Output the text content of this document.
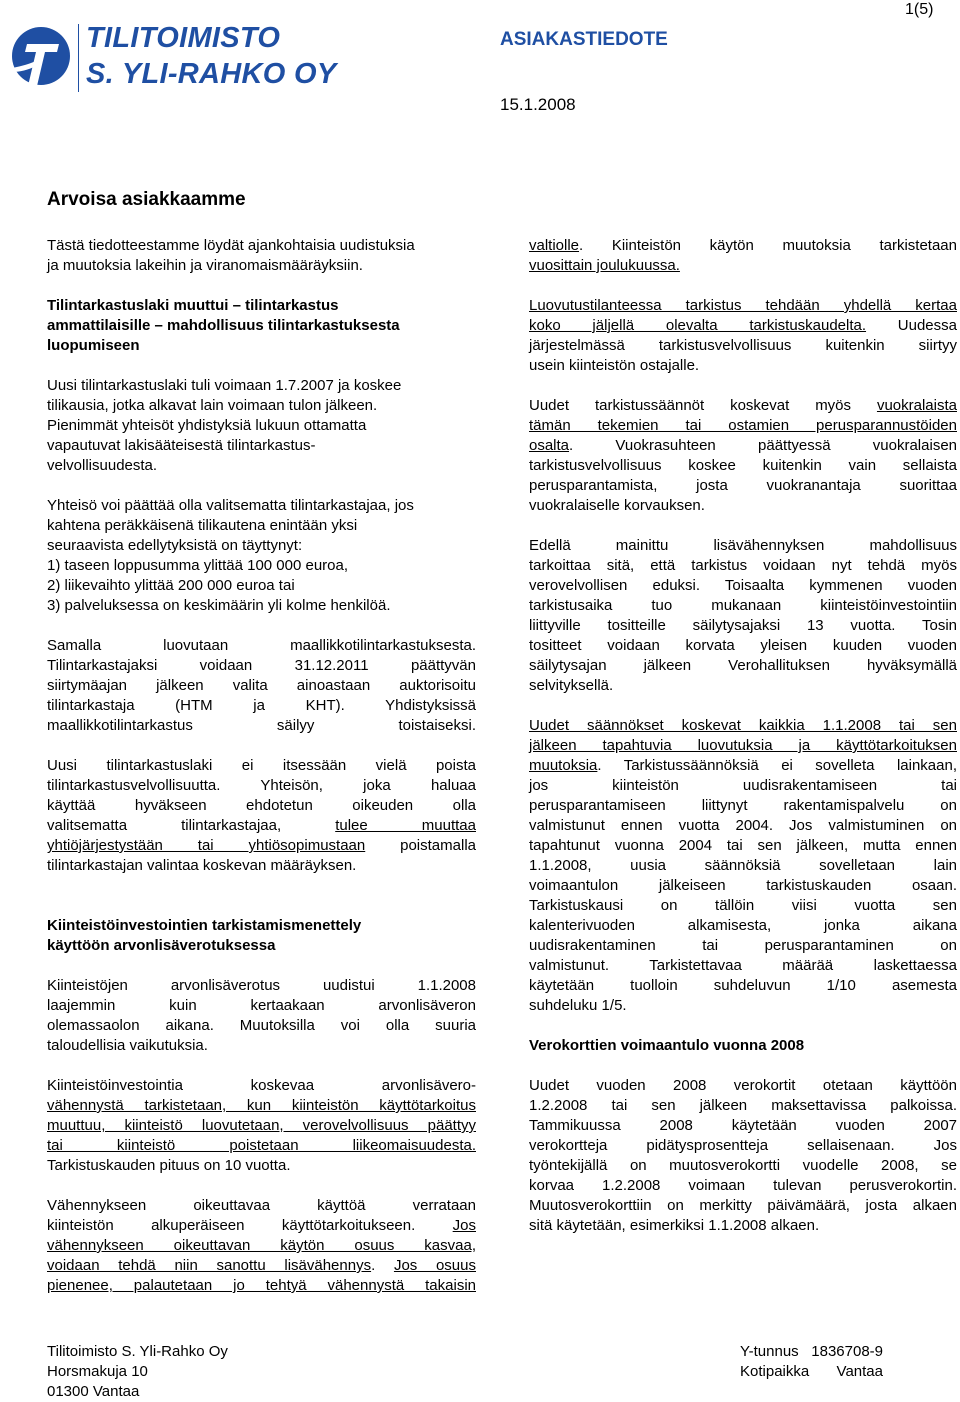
TILITOIMISTO
S. YLI-RAHKO OY
ASIAKASTIEDOTE
1(5)
15.1.2008
Arvoisa asiakkaamme

Tästä tiedotteestamme löydät ajankohtaisia uudistuksia
ja muutoksia lakeihin ja viranomaismääräyksiin.

Tilintarkastuslaki muuttui – tilintarkastus
ammattilaisille – mahdollisuus tilintarkastuksesta
luopumiseen

Uusi tilintarkastuslaki tuli voimaan 1.7.2007 ja koskee
tilikausia, jotka alkavat lain voimaan tulon jälkeen.
Pienimmät yhteisöt yhdistyksiä lukuun ottamatta
vapautuvat lakisääteisestä tilintarkastus-
velvollisuudesta.

Yhteisö voi päättää olla valitsematta tilintarkastajaa, jos
kahtena peräkkäisenä tilikautena enintään yksi
seuraavista edellytyksistä on täyttynyt:
1) taseen loppusumma ylittää 100 000 euroa,
2) liikevaihto ylittää 200 000 euroa tai
3) palveluksessa on keskimäärin yli kolme henkilöä.

Samalla luovutaan maallikkotilintarkastuksesta.
Tilintarkastajaksi voidaan 31.12.2011 päättyvän
siirtymäajan jälkeen valita ainoastaan auktorisoitu
tilintarkastaja (HTM ja KHT). Yhdistyksissä
maallikkotilintarkastus säilyy toistaiseksi.

Uusi tilintarkastuslaki ei itsessään vielä poista
tilintarkastusvelvollisuutta. Yhteisön, joka haluaa
käyttää hyväkseen ehdotetun oikeuden olla
valitsematta tilintarkastajaa,	tulee muuttaa
yhtiöjärjestystään tai yhtiösopimustaan poistamalla
tilintarkastajan valintaa koskevan määräyksen.

Kiinteistöinvestointien tarkistamismenettely
käyttöön arvonlisäverotuksessa

Kiinteistöjen arvonlisäverotus uudistui 1.1.2008
laajemmin kuin kertaakaan arvonlisäveron
olemassaolon aikana. Muutoksilla voi olla suuria
taloudellisia vaikutuksia.

Kiinteistöinvestointia koskevaa arvonlisävero-
vähennystä tarkistetaan, kun kiinteistön käyttötarkoitus
muuttuu, kiinteistö luovutetaan, verovelvollisuus päättyy
tai kiinteistö poistetaan liikeomaisuudesta.
Tarkistuskauden pituus on 10 vuotta.

Vähennykseen oikeuttavaa käyttöä verrataan
kiinteistön alkuperäiseen käyttötarkoitukseen. Jos
vähennykseen oikeuttavan käytön osuus kasvaa,
voidaan tehdä niin sanottu lisävähennys. Jos osuus
pienenee, palautetaan jo tehtyä vähennystä takaisin

valtiolle. Kiinteistön käytön muutoksia tarkistetaan
vuosittain joulukuussa.

Luovutustilanteessa tarkistus tehdään yhdellä kertaa
koko jäljellä olevalta tarkistuskaudelta. Uudessa
järjestelmässä tarkistusvelvollisuus kuitenkin siirtyy
usein kiinteistön ostajalle.

Uudet tarkistussäännöt koskevat myös vuokralaista
tämän tekemien tai ostamien perusparannustöiden
osalta. Vuokrasuhteen päättyessä vuokralaisen
tarkistusvelvollisuus koskee kuitenkin vain sellaista
perusparantamista, josta vuokranantaja suorittaa
vuokralaiselle korvauksen.

Edellä mainittu lisävähennyksen mahdollisuus
tarkoittaa sitä, että tarkistus voidaan nyt tehdä myös
verovelvollisen eduksi. Toisaalta kymmenen vuoden
tarkistusaika tuo mukanaan kiinteistöinvestointiin
liittyville tositteille säilytysajaksi 13 vuotta. Tosin
tositteet voidaan korvata yleisen kuuden vuoden
säilytysajan jälkeen Verohallituksen hyväksymällä
selvityksellä.

Uudet säännökset koskevat kaikkia 1.1.2008 tai sen
jälkeen tapahtuvia luovutuksia ja käyttötarkoituksen
muutoksia. Tarkistussäännöksiä ei sovelleta lainkaan,
jos kiinteistön uudisrakentamiseen tai
perusparantamiseen liittynyt rakentamispalvelu on
valmistunut ennen vuotta 2004. Jos valmistuminen on
tapahtunut vuonna 2004 tai sen jälkeen, mutta ennen
1.1.2008, uusia säännöksiä sovelletaan lain
voimaantulon jälkeiseen tarkistuskauden osaan.
Tarkistuskausi on tällöin viisi vuotta sen
kalenterivuoden alkamisesta, jonka aikana
uudisrakentaminen tai perusparantaminen on
valmistunut. Tarkistettavaa määrää laskettaessa
käytetään tuolloin suhdeluvun 1/10 asemesta
suhdeluku 1/5.

Verokorttien voimaantulo vuonna 2008

Uudet vuoden 2008 verokortit otetaan käyttöön
1.2.2008 tai sen jälkeen maksettavissa palkoissa.
Tammikuussa 2008 käytetään vuoden 2007
verokortteja pidätysprosentteja sellaisenaan. Jos
työntekijällä on muutosverokortti vuodelle 2008, se
korvaa 1.2.2008 voimaan tulevan perusverokortin.
Muutosverokorttiin on merkitty päivämäärä, josta alkaen
sitä käytetään, esimerkiksi 1.1.2008 alkaen.

Tilitoimisto S. Yli-Rahko Oy
Horsmakuja 10
01300 Vantaa
Y-tunnus 1836708-9
Kotipaikka Vantaa
